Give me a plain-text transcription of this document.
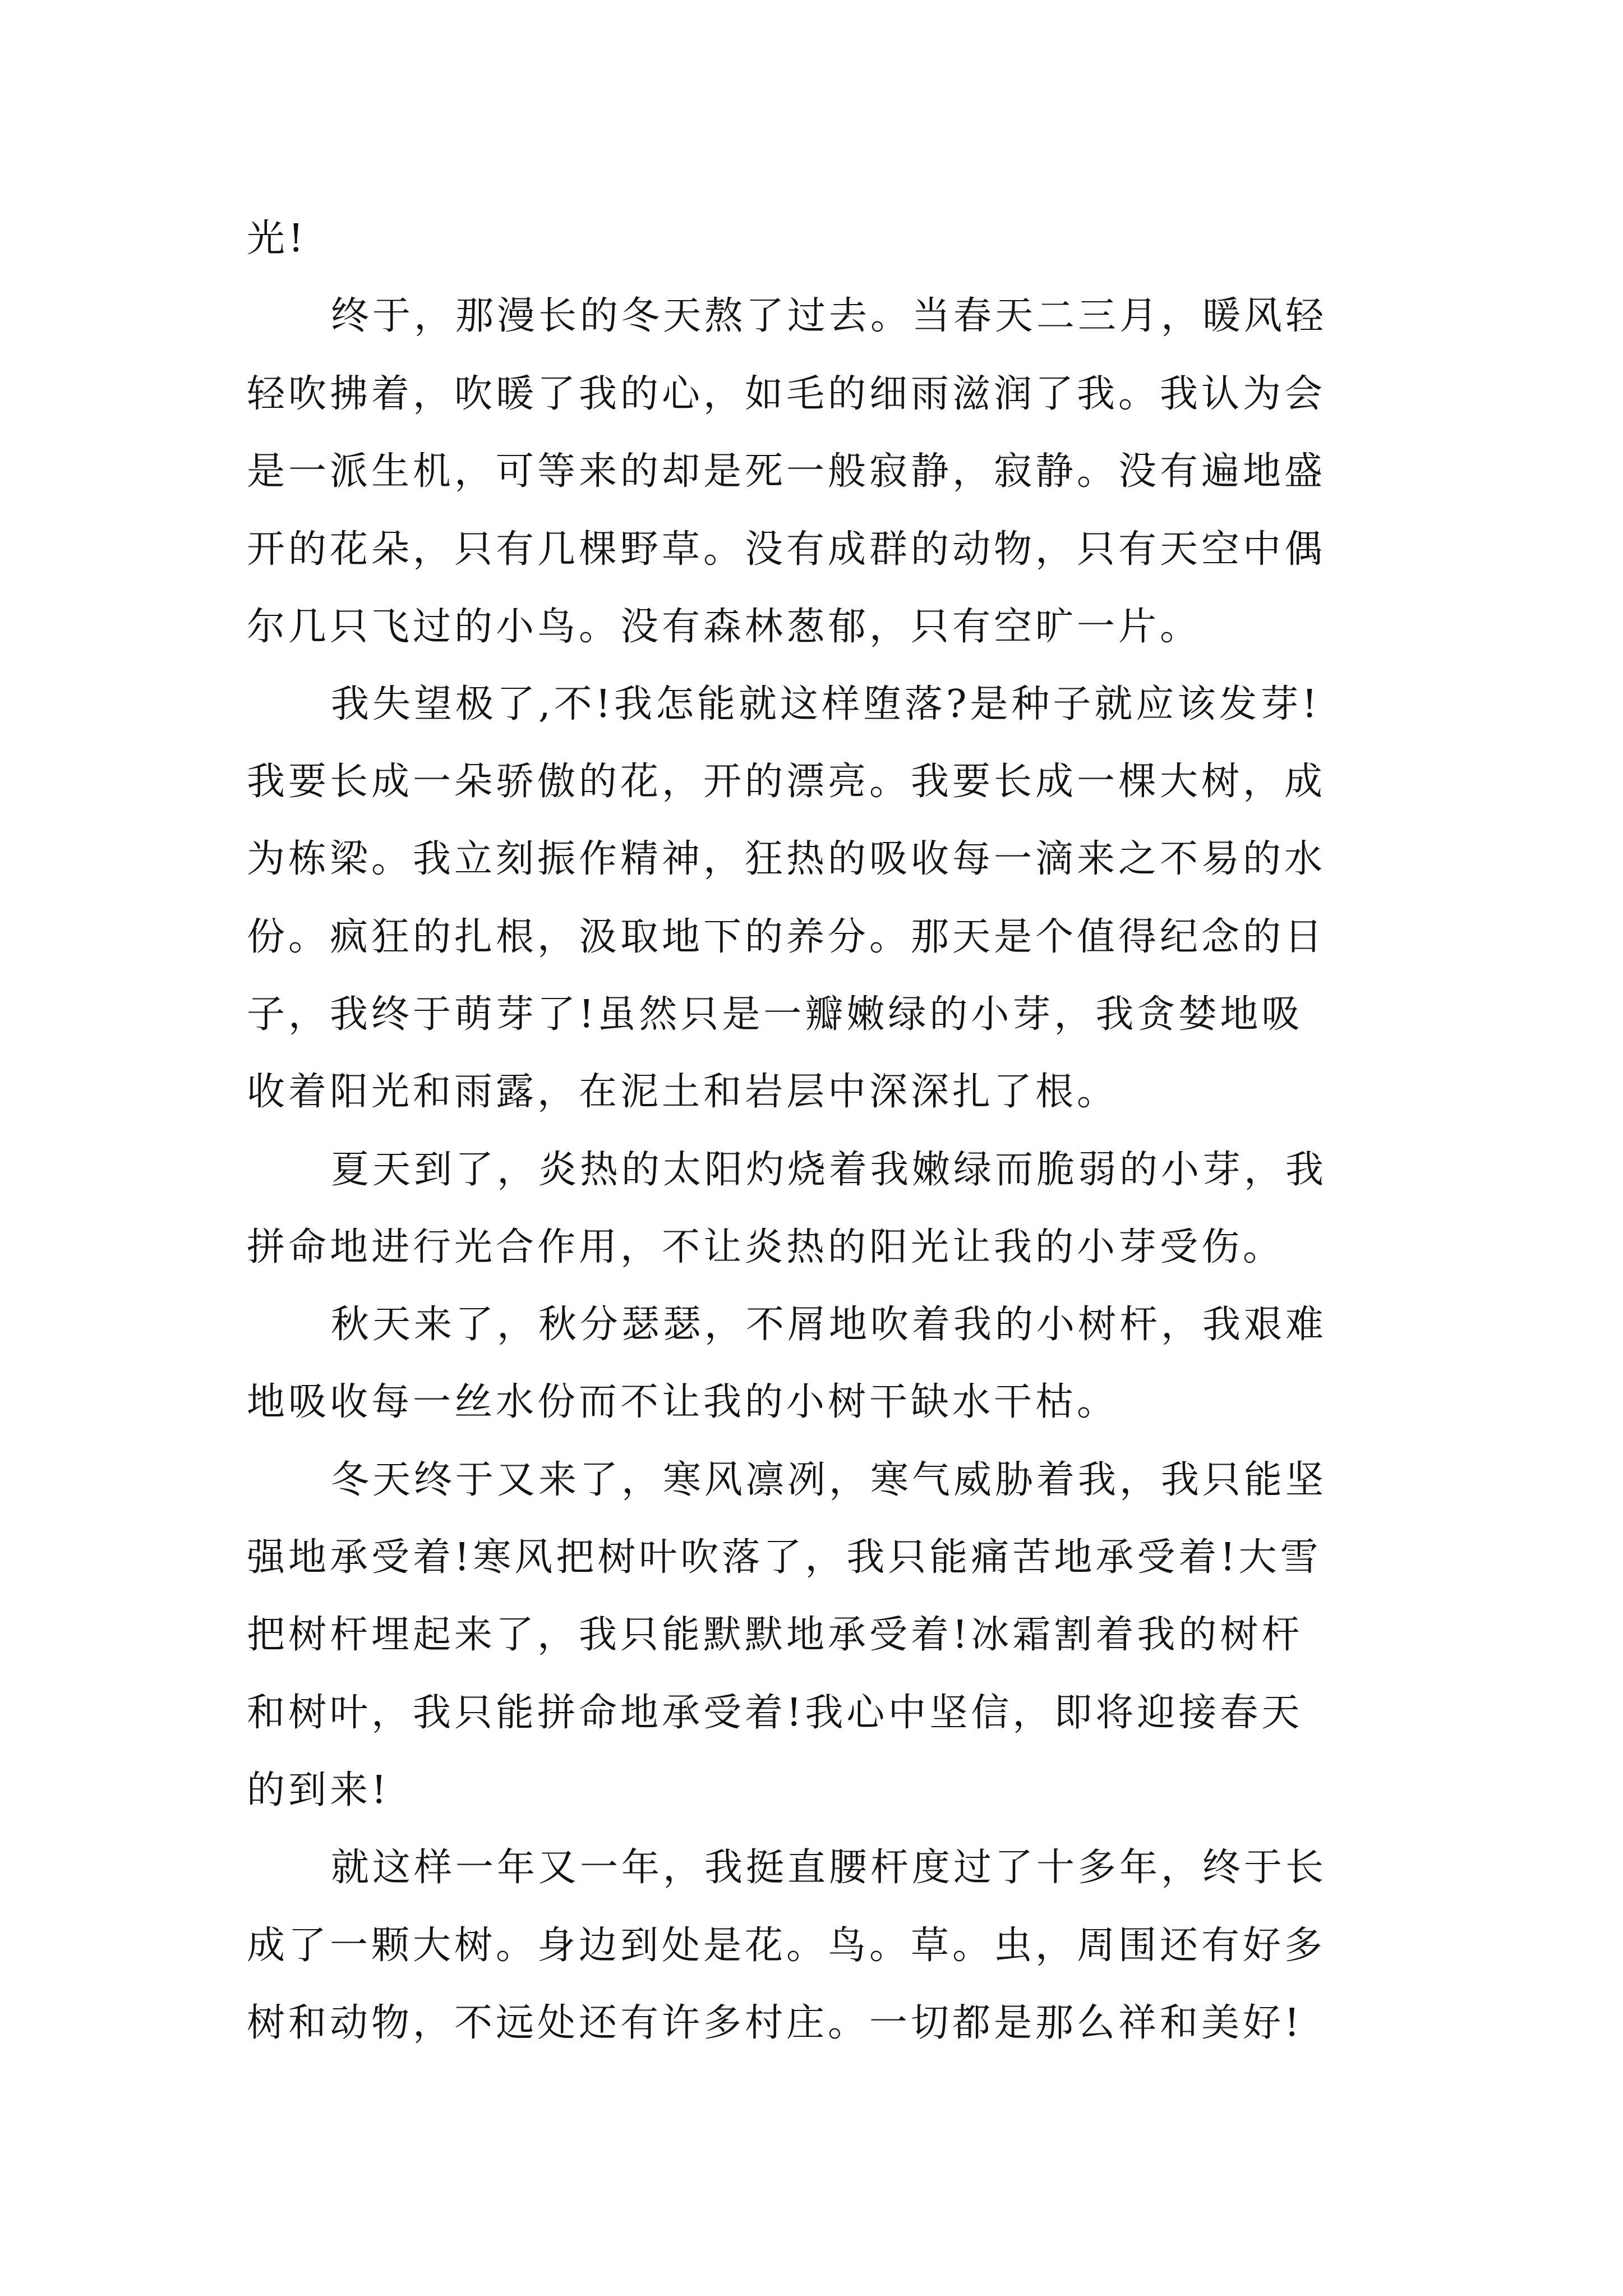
光!
终于，那漫长的冬天熬了过去。当春天二三月，暖风轻
轻吹拂着，吹暖了我的心，如毛的细雨滋润了我。我认为会
是一派生机，可等来的却是死一般寂静，寂静。没有遍地盛
开的花朵，只有几棵野草。没有成群的动物，只有天空中偶
尔几只飞过的小鸟。没有森林葱郁，只有空旷一片。
我失望极了,不!我怎能就这样堕落?是种子就应该发芽!
我要长成一朵骄傲的花，开的漂亮。我要长成一棵大树，成
为栋梁。我立刻振作精神，狂热的吸收每一滴来之不易的水
份。疯狂的扎根，汲取地下的养分。那天是个值得纪念的日
子，我终于萌芽了!虽然只是一瓣嫩绿的小芽，我贪婪地吸
收着阳光和雨露，在泥土和岩层中深深扎了根。
夏天到了，炎热的太阳灼烧着我嫩绿而脆弱的小芽，我
拼命地进行光合作用，不让炎热的阳光让我的小芽受伤。
秋天来了，秋分瑟瑟，不屑地吹着我的小树杆，我艰难
地吸收每一丝水份而不让我的小树干缺水干枯。
冬天终于又来了，寒风凛冽，寒气威胁着我，我只能坚
强地承受着!寒风把树叶吹落了，我只能痛苦地承受着!大雪
把树杆埋起来了，我只能默默地承受着!冰霜割着我的树杆
和树叶，我只能拼命地承受着!我心中坚信，即将迎接春天
的到来!
就这样一年又一年，我挺直腰杆度过了十多年，终于长
成了一颗大树。身边到处是花。鸟。草。虫，周围还有好多
树和动物，不远处还有许多村庄。一切都是那么祥和美好!
